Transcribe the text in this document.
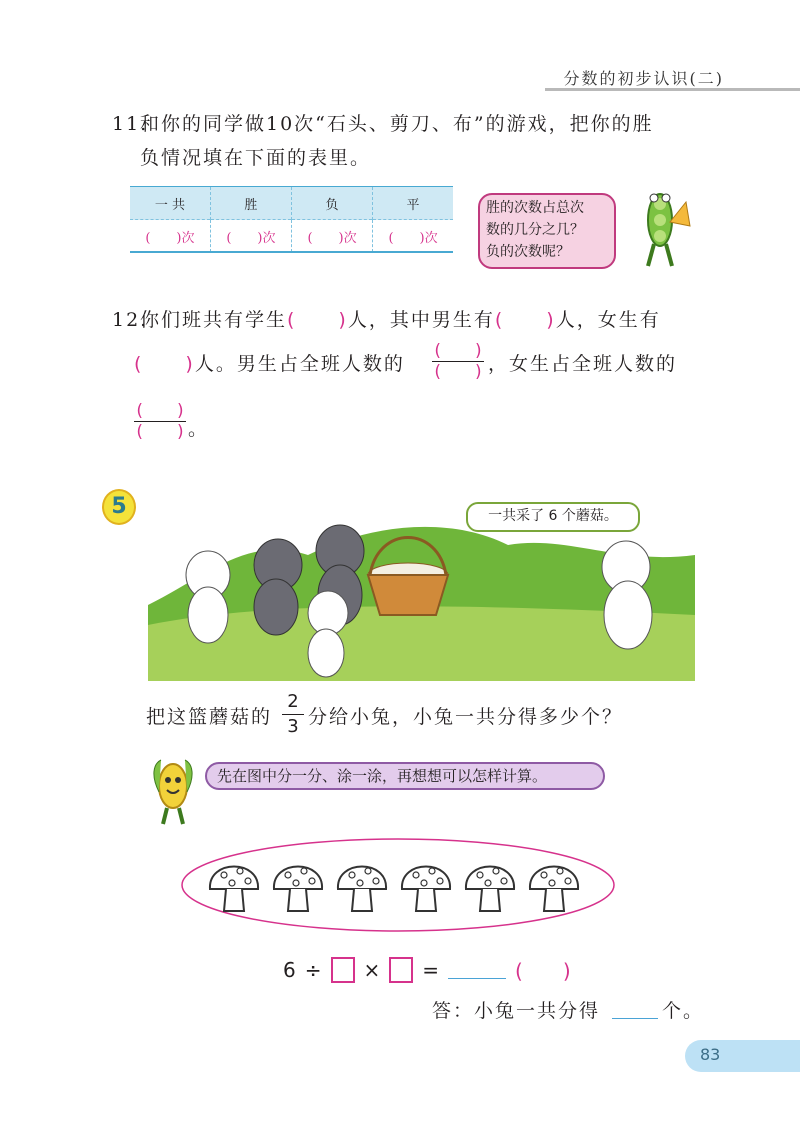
分数的初步认识(二)
11.
和你的同学做10次“石头、剪刀、布”的游戏，把你的胜
负情况填在下面的表里。
一 共	胜	负	平
(　　)次	(　　)次	(　　)次	(　　)次
胜的次数占总次
数的几分之几？
负的次数呢？
12.
你们班共有学生(　　)人，其中男生有(　　)人，女生有
(　　)人。男生占全班人数的
(　　)
(　　) ，女生占全班人数的
(　　)
(　　) 。
5	一共采了 6 个蘑菇。
把这篮蘑菇的
2
3 分给小兔，小兔一共分得多少个？
先在图中分一分、涂一涂，再想想可以怎样计算。
6 ÷ × =	(　　)
答：小兔一共分得	个。
83
